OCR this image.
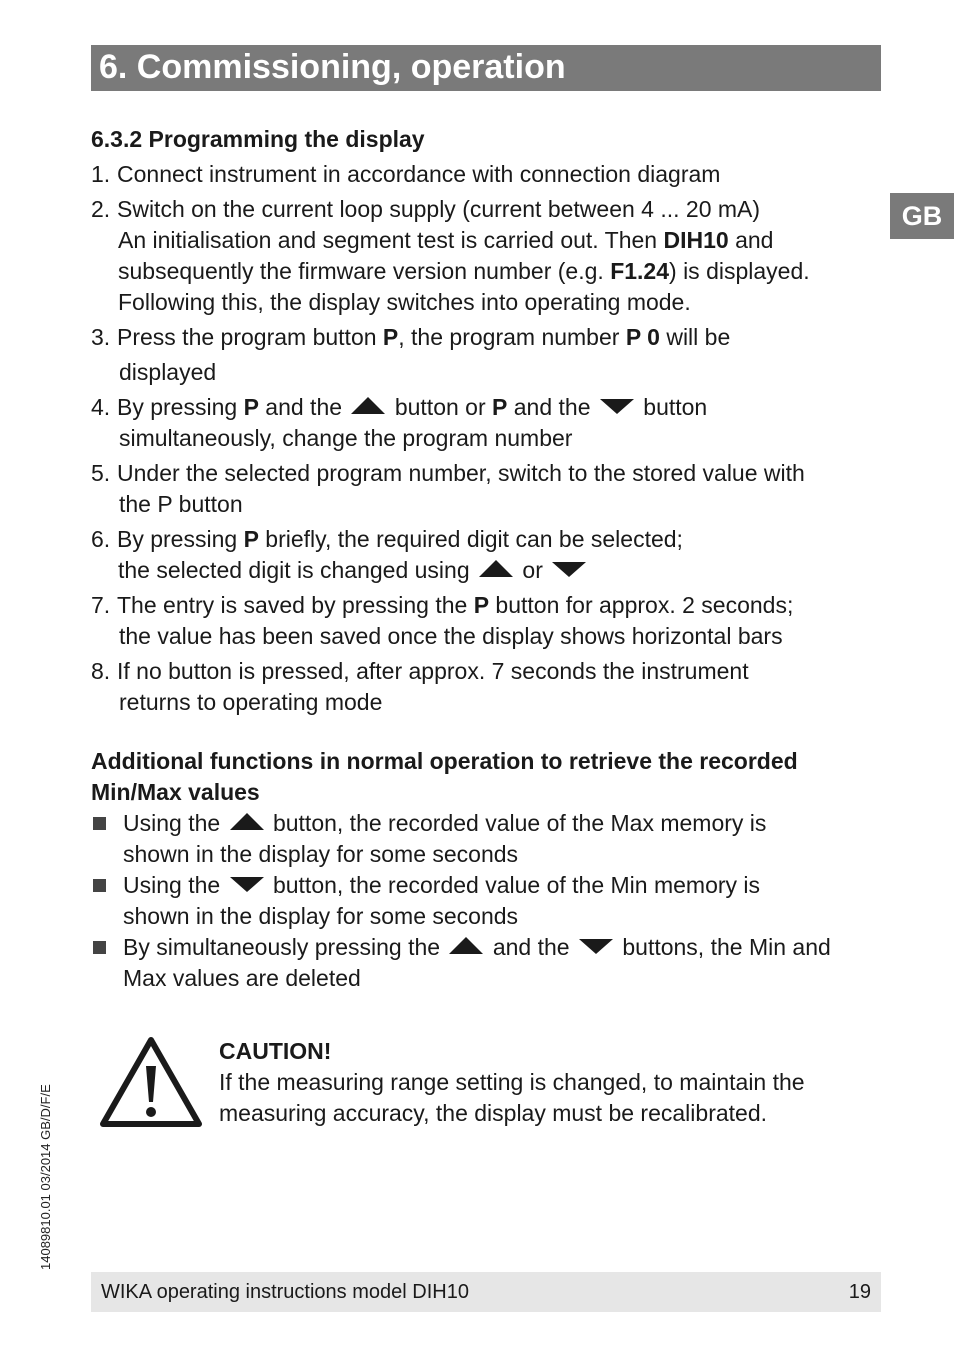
6. Commissioning, operation
GB
14089810.01 03/2014 GB/D/F/E
6.3.2 Programming the display
1. Connect instrument in accordance with connection diagram
2. Switch on the current loop supply (current between 4 ... 20 mA)
An initialisation and segment test is carried out. Then DIH10 and
subsequently the firmware version number (e.g. F1.24) is displayed.
Following this, the display switches into operating mode.
3. Press the program button P, the program number P 0 will be
displayed
4. By pressing P and the  button or P and the  button
simultaneously, change the program number
5. Under the selected program number, switch to the stored value with
the P button
6. By pressing P briefly, the required digit can be selected;
the selected digit is changed using  or
7. The entry is saved by pressing the P button for approx. 2 seconds;
the value has been saved once the display shows horizontal bars
8. If no button is pressed, after approx. 7 seconds the instrument
returns to operating mode
Additional functions in normal operation to retrieve the recorded Min/Max values
Using the  button, the recorded value of the Max memory is
shown in the display for some seconds
Using the  button, the recorded value of the Min memory is
shown in the display for some seconds
By simultaneously pressing the  and the  buttons, the Min and
Max values are deleted
CAUTION!
If the measuring range setting is changed, to maintain the
measuring accuracy, the display must be recalibrated.
WIKA operating instructions model DIH10	19
